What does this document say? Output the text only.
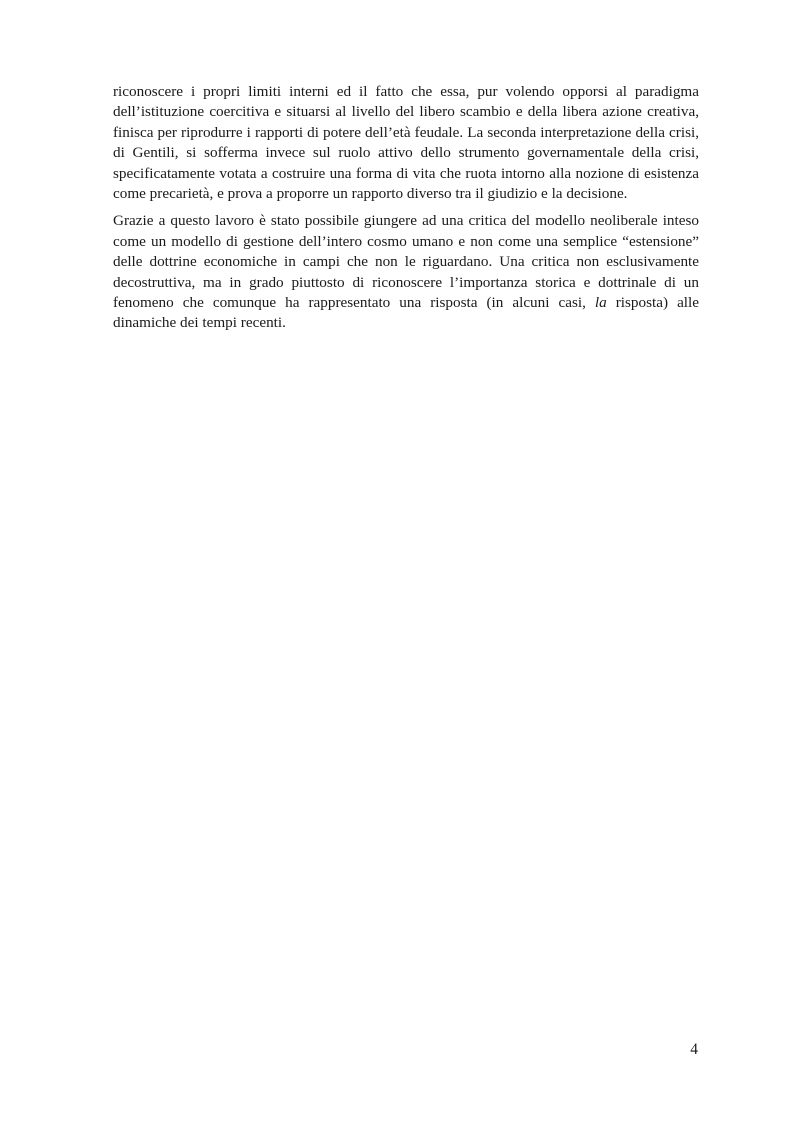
riconoscere i propri limiti interni ed il fatto che essa, pur volendo opporsi al paradigma dell’istituzione coercitiva e situarsi al livello del libero scambio e della libera azione creativa, finisca per riprodurre i rapporti di potere dell’età feudale. La seconda interpretazione della crisi, di Gentili, si sofferma invece sul ruolo attivo dello strumento governamentale della crisi, specificatamente votata a costruire una forma di vita che ruota intorno alla nozione di esistenza come precarietà, e prova a proporre un rapporto diverso tra il giudizio e la decisione.

Grazie a questo lavoro è stato possibile giungere ad una critica del modello neoliberale inteso come un modello di gestione dell’intero cosmo umano e non come una semplice “estensione” delle dottrine economiche in campi che non le riguardano. Una critica non esclusivamente decostruttiva, ma in grado piuttosto di riconoscere l’importanza storica e dottrinale di un fenomeno che comunque ha rappresentato una risposta (in alcuni casi, la risposta) alle dinamiche dei tempi recenti.

4
